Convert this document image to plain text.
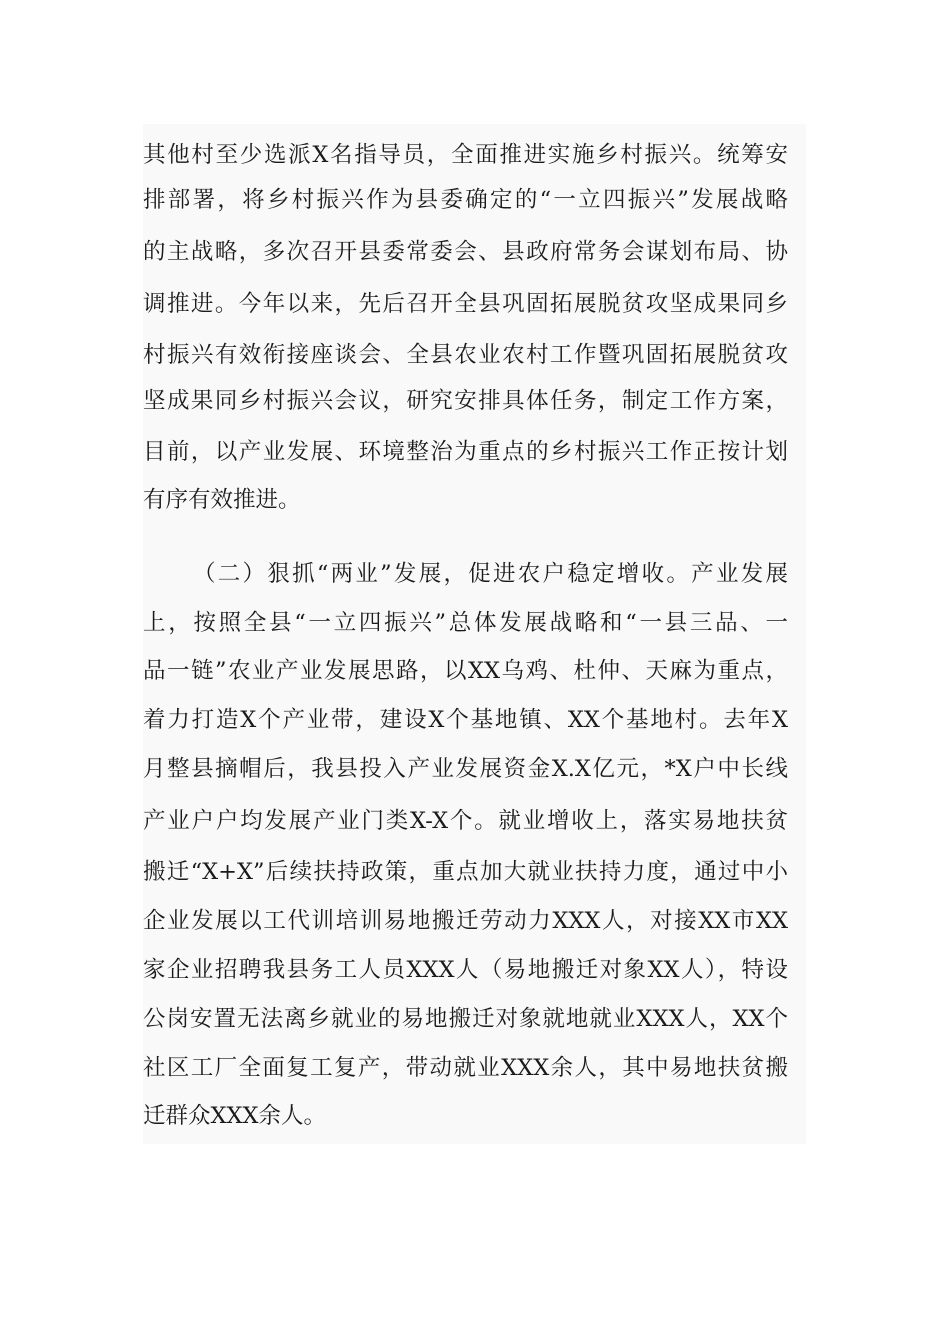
其他村至少选派X名指导员，全面推进实施乡村振兴。统筹安
排部署，将乡村振兴作为县委确定的“一立四振兴”发展战略
的主战略，多次召开县委常委会、县政府常务会谋划布局、协
调推进。今年以来，先后召开全县巩固拓展脱贫攻坚成果同乡
村振兴有效衔接座谈会、全县农业农村工作暨巩固拓展脱贫攻
坚成果同乡村振兴会议，研究安排具体任务，制定工作方案，
目前，以产业发展、环境整治为重点的乡村振兴工作正按计划
有序有效推进。
（二）狠抓“两业”发展，促进农户稳定增收。产业发展
上，按照全县“一立四振兴”总体发展战略和“一县三品、一
品一链”农业产业发展思路，以XX乌鸡、杜仲、天麻为重点，
着力打造X个产业带，建设X个基地镇、XX个基地村。去年X
月整县摘帽后，我县投入产业发展资金X.X亿元，*X户中长线
产业户户均发展产业门类X-X个。就业增收上，落实易地扶贫
搬迁“X+X”后续扶持政策，重点加大就业扶持力度，通过中小
企业发展以工代训培训易地搬迁劳动力XXX人，对接XX市XX
家企业招聘我县务工人员XXX人（易地搬迁对象XX人），特设
公岗安置无法离乡就业的易地搬迁对象就地就业XXX人，XX个
社区工厂全面复工复产，带动就业XXX余人，其中易地扶贫搬
迁群众XXX余人。
